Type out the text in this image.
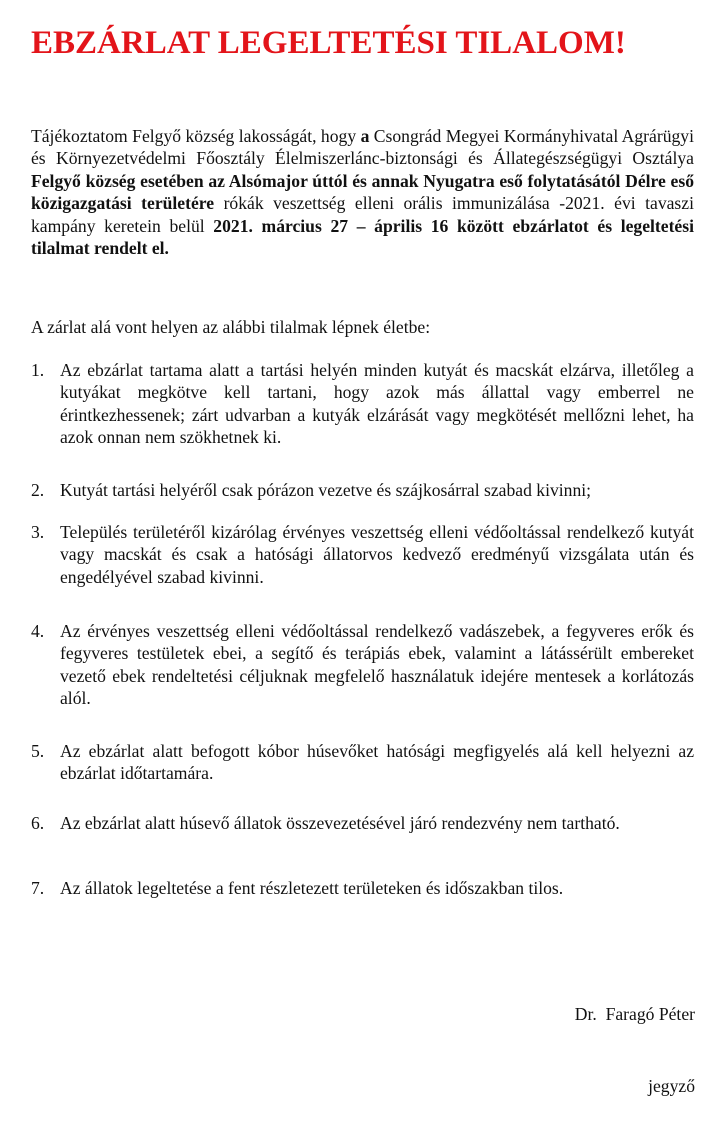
EBZÁRLAT LEGELTETÉSI TILALOM!

Tájékoztatom Felgyő község lakosságát, hogy a Csongrád Megyei Kormányhivatal Agrárügyi és Környezetvédelmi Főosztály Élelmiszerlánc-biztonsági és Állategészségügyi Osztálya Felgyő község esetében az Alsómajor úttól és annak Nyugatra eső folytatásától Délre eső közigazgatási területére rókák veszettség elleni orális immunizálása -2021. évi tavaszi kampány keretein belül 2021. március 27 – április 16 között ebzárlatot és legeltetési tilalmat rendelt el.

A zárlat alá vont helyen az alábbi tilalmak lépnek életbe:

1. Az ebzárlat tartama alatt a tartási helyén minden kutyát és macskát elzárva, illetőleg a kutyákat megkötve kell tartani, hogy azok más állattal vagy emberrel ne érintkezhessenek; zárt udvarban a kutyák elzárását vagy megkötését mellőzni lehet, ha azok onnan nem szökhetnek ki.
2. Kutyát tartási helyéről csak pórázon vezetve és szájkosárral szabad kivinni;
3. Település területéről kizárólag érvényes veszettség elleni védőoltással rendelkező kutyát vagy macskát és csak a hatósági állatorvos kedvező eredményű vizsgálata után és engedélyével szabad kivinni.
4. Az érvényes veszettség elleni védőoltással rendelkező vadászebek, a fegyveres erők és fegyveres testületek ebei, a segítő és terápiás ebek, valamint a látássérült embereket vezető ebek rendeltetési céljuknak megfelelő használatuk idejére mentesek a korlátozás alól.
5. Az ebzárlat alatt befogott kóbor húsevőket hatósági megfigyelés alá kell helyezni az ebzárlat időtartamára.
6. Az ebzárlat alatt húsevő állatok összevezetésével járó rendezvény nem tartható.
7. Az állatok legeltetése a fent részletezett területeken és időszakban tilos.

Dr.  Faragó Péter

jegyző
